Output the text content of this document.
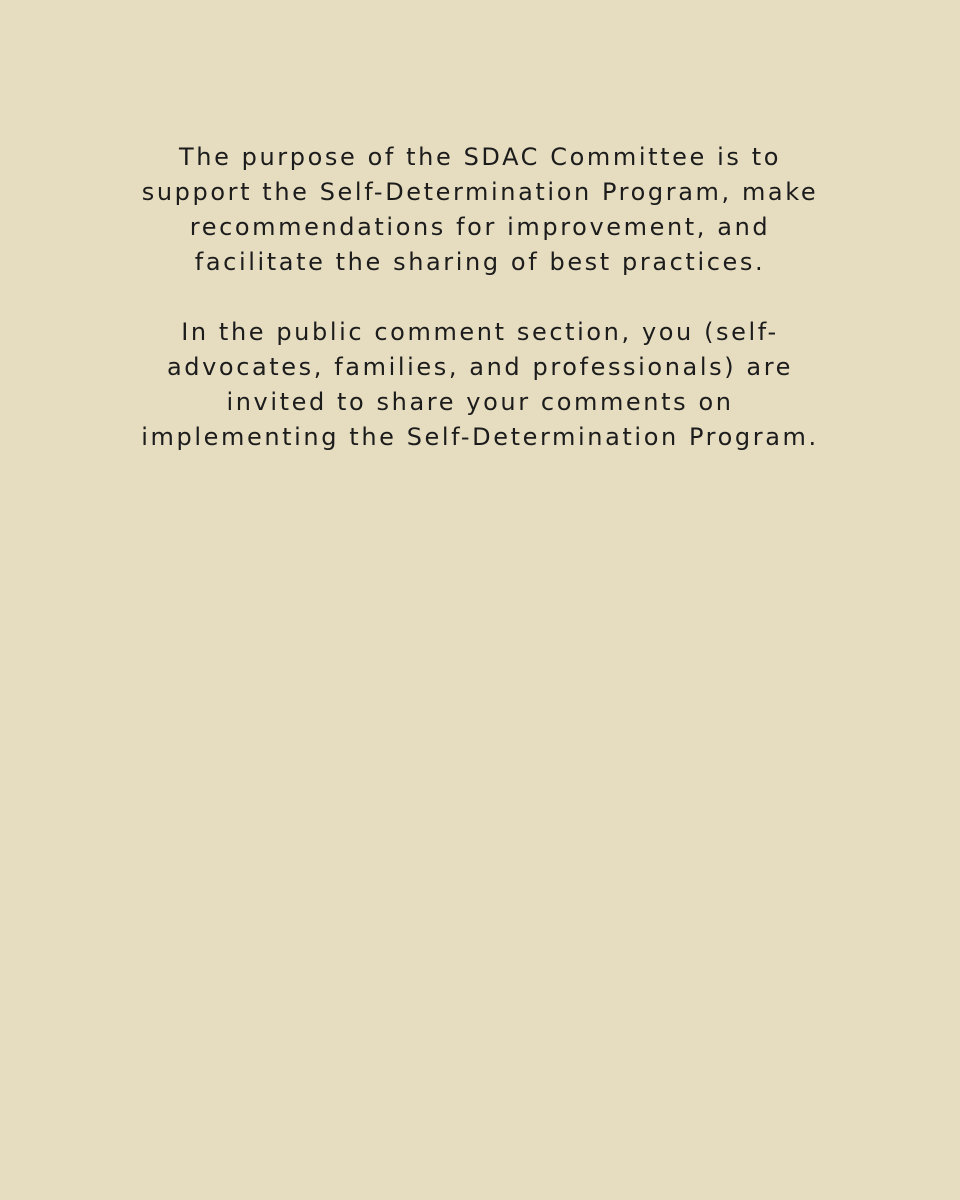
The purpose of the SDAC Committee is to
support the Self-Determination Program, make
recommendations for improvement, and
facilitate the sharing of best practices.
In the public comment section, you (self-
advocates, families, and professionals) are
invited to share your comments on
implementing the Self-Determination Program.
